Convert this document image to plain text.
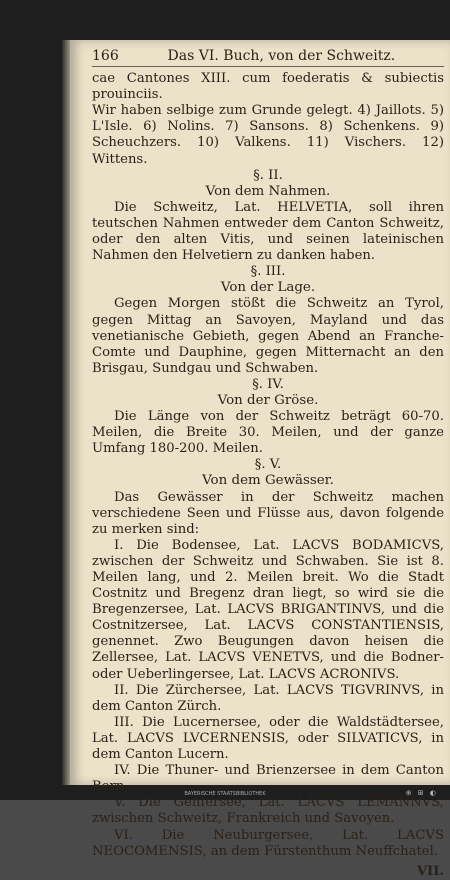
166	Das VI. Buch, von der Schweitz.
cae Cantones XIII. cum foederatis & subiectis prouinciis.
Wir haben selbige zum Grunde gelegt. 4) Jaillots. 5) L'Isle. 6) Nolins. 7) Sansons. 8) Schenkens. 9) Scheuchzers. 10) Valkens. 11) Vischers. 12) Wittens.
§. II.
Von dem Nahmen.
Die Schweitz, Lat. HELVETIA, soll ihren teutschen Nahmen entweder dem Canton Schweitz, oder den alten Vitis, und seinen lateinischen Nahmen den Helvetiern zu danken haben.
§. III.
Von der Lage.
Gegen Morgen stößt die Schweitz an Tyrol, gegen Mittag an Savoyen, Mayland und das venetianische Gebieth, gegen Abend an Franche-Comte und Dauphine, gegen Mitternacht an den Brisgau, Sundgau und Schwaben.
§. IV.
Von der Gröse.
Die Länge von der Schweitz beträgt 60-70. Meilen, die Breite 30. Meilen, und der ganze Umfang 180-200. Meilen.
§. V.
Von dem Gewässer.
Das Gewässer in der Schweitz machen verschiedene Seen und Flüsse aus, davon folgende zu merken sind:
I. Die Bodensee, Lat. LACVS BODAMICVS, zwischen der Schweitz und Schwaben. Sie ist 8. Meilen lang, und 2. Meilen breit. Wo die Stadt Costnitz und Bregenz dran liegt, so wird sie die Bregenzersee, Lat. LACVS BRIGANTINVS, und die Costnitzersee, Lat. LACVS CONSTANTIENSIS, genennet. Zwo Beugungen davon heisen die Zellersee, Lat. LACVS VENETVS, und die Bodner- oder Ueberlingersee, Lat. LACVS ACRONIVS.
II. Die Zürchersee, Lat. LACVS TIGVRINVS, in dem Canton Zürch.
III. Die Lucernersee, oder die Waldstädtersee, Lat. LACVS LVCERNENSIS, oder SILVATICVS, in dem Canton Lucern.
IV. Die Thuner- und Brienzersee in dem Canton Bern.
V. Die Genfersee, Lat. LACVS LEMANNVS, zwischen Schweitz, Frankreich und Savoyen.
VI. Die Neuburgersee, Lat. LACVS NEOCOMENSIS, an dem Fürstenthum Neuffchatel.
VII.
BAYERISCHE STAATSBIBLIOTHEK	⊕ ⊞ ◐
